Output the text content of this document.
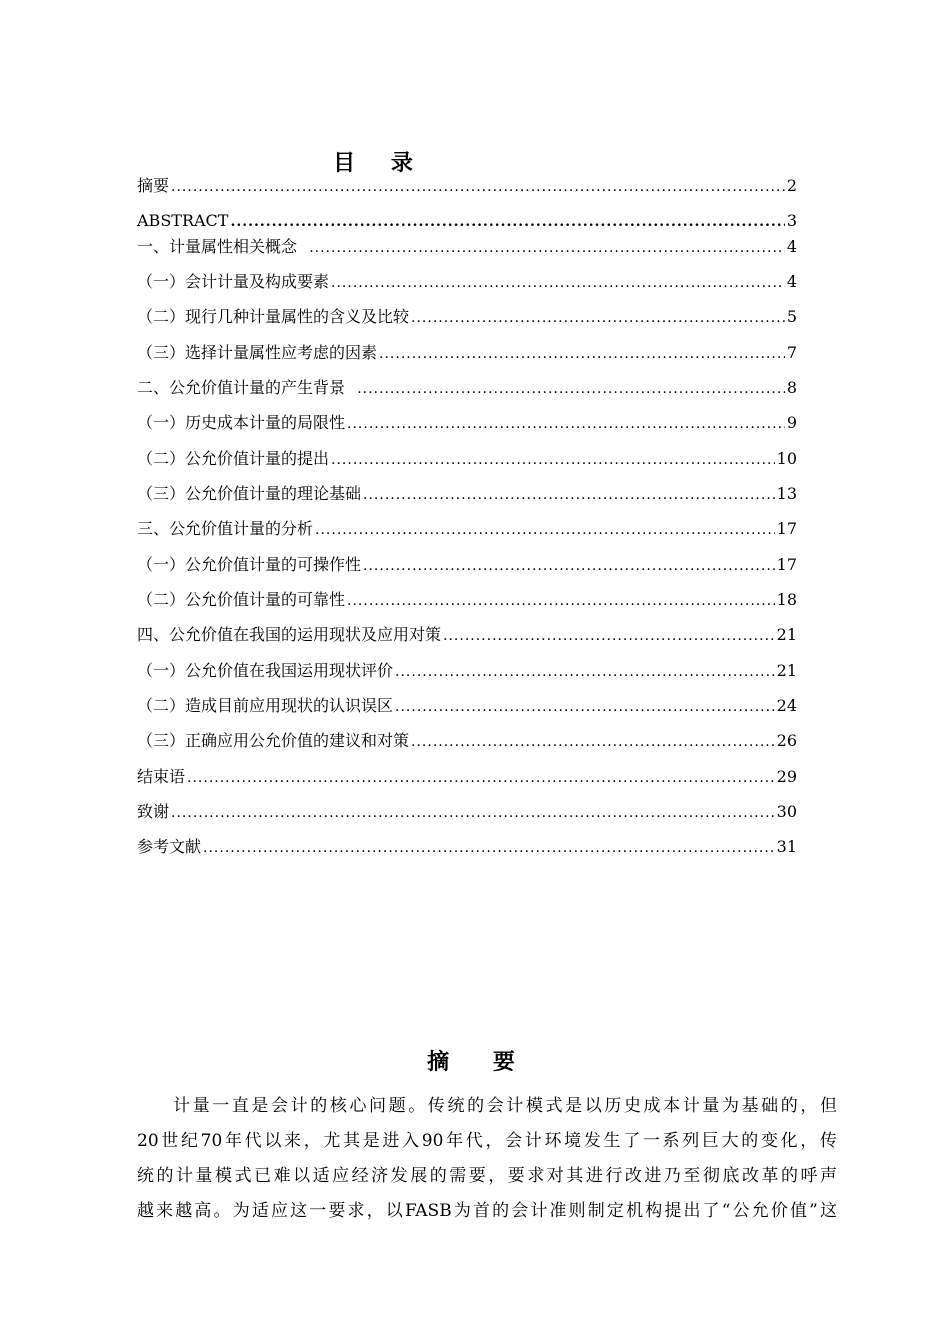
目 录
摘要 .....	2
ABSTRACT .....	3
一、计量属性相关概念 .....	4
（一）会计计量及构成要素 .....	4
（二）现行几种计量属性的含义及比较 .....	5
（三）选择计量属性应考虑的因素 .....	7
二、公允价值计量的产生背景 .....	8
（一）历史成本计量的局限性 .....	9
（二）公允价值计量的提出 .....	10
（三）公允价值计量的理论基础 .....	13
三、公允价值计量的分析 .....	17
（一）公允价值计量的可操作性 .....	17
（二）公允价值计量的可靠性 .....	18
四、公允价值在我国的运用现状及应用对策 .....	21
（一）公允价值在我国运用现状评价 .....	21
（二）造成目前应用现状的认识误区 .....	24
（三）正确应用公允价值的建议和对策 .....	26
结束语 .....	29
致谢 .....	30
参考文献 .....	31
摘 要
计量一直是会计的核心问题。传统的会计模式是以历史成本计量为基础的，但
20世纪70年代以来，尤其是进入90年代，会计环境发生了一系列巨大的变化，传
统的计量模式已难以适应经济发展的需要，要求对其进行改进乃至彻底改革的呼声
越来越高。为适应这一要求，以FASB为首的会计准则制定机构提出了“公允价值”这
